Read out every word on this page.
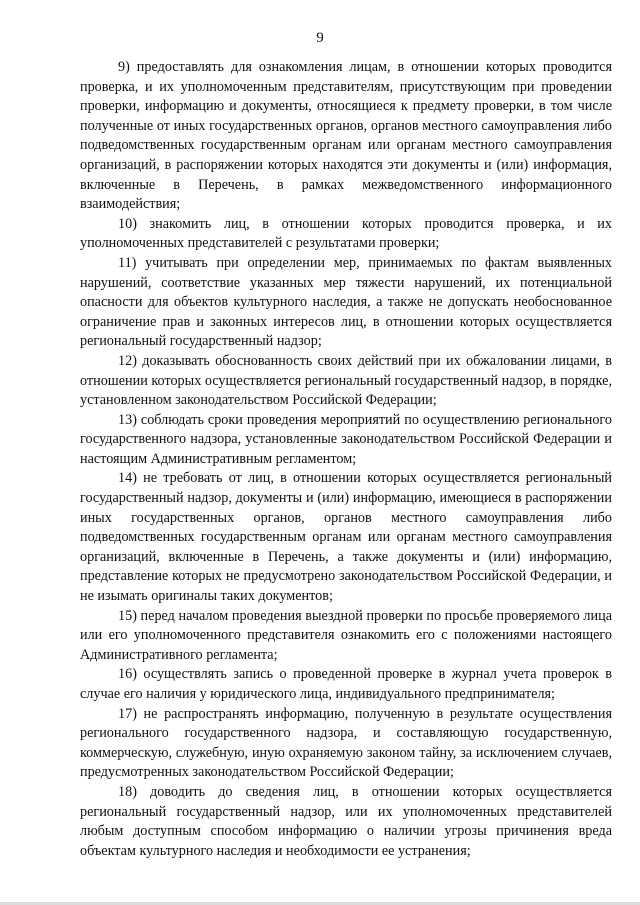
9

9) предоставлять для ознакомления лицам, в отношении которых проводится проверка, и их уполномоченным представителям, присутствующим при проведении проверки, информацию и документы, относящиеся к предмету проверки, в том числе полученные от иных государственных органов, органов местного самоуправления либо подведомственных государственным органам или органам местного самоуправления организаций, в распоряжении которых находятся эти документы и (или) информация, включенные в Перечень, в рамках межведомственного информационного взаимодействия;

10) знакомить лиц, в отношении которых проводится проверка, и их уполномоченных представителей с результатами проверки;

11) учитывать при определении мер, принимаемых по фактам выявленных нарушений, соответствие указанных мер тяжести нарушений, их потенциальной опасности для объектов культурного наследия, а также не допускать необоснованное ограничение прав и законных интересов лиц, в отношении которых осуществляется региональный государственный надзор;

12) доказывать обоснованность своих действий при их обжаловании лицами, в отношении которых осуществляется региональный государственный надзор, в порядке, установленном законодательством Российской Федерации;

13) соблюдать сроки проведения мероприятий по осуществлению регионального государственного надзора, установленные законодательством Российской Федерации и настоящим Административным регламентом;

14) не требовать от лиц, в отношении которых осуществляется региональный государственный надзор, документы и (или) информацию, имеющиеся в распоряжении иных государственных органов, органов местного самоуправления либо подведомственных государственным органам или органам местного самоуправления организаций, включенные в Перечень, а также документы и (или) информацию, представление которых не предусмотрено законодательством Российской Федерации, и не изымать оригиналы таких документов;

15) перед началом проведения выездной проверки по просьбе проверяемого лица или его уполномоченного представителя ознакомить его с положениями настоящего Административного регламента;

16) осуществлять запись о проведенной проверке в журнал учета проверок в случае его наличия у юридического лица, индивидуального предпринимателя;

17) не распространять информацию, полученную в результате осуществления регионального государственного надзора, и составляющую государственную, коммерческую, служебную, иную охраняемую законом тайну, за исключением случаев, предусмотренных законодательством Российской Федерации;

18) доводить до сведения лиц, в отношении которых осуществляется региональный государственный надзор, или их уполномоченных представителей любым доступным способом информацию о наличии угрозы причинения вреда объектам культурного наследия и необходимости ее устранения;
